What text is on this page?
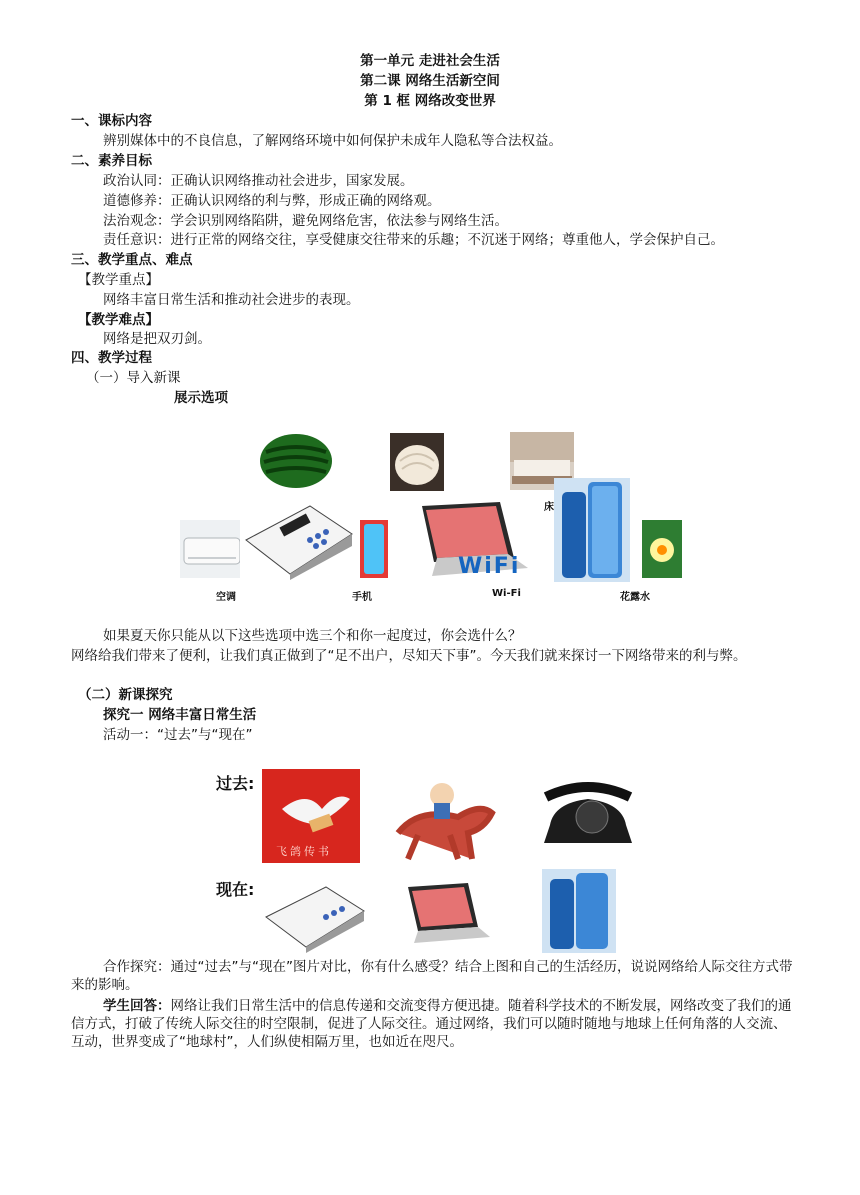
第一单元 走进社会生活
第二课 网络生活新空间
第 1 框 网络改变世界
一、课标内容
辨别媒体中的不良信息，了解网络环境中如何保护未成年人隐私等合法权益。
二、素养目标
政治认同：正确认识网络推动社会进步，国家发展。
道德修养：正确认识网络的利与弊，形成正确的网络观。
法治观念：学会识别网络陷阱，避免网络危害，依法参与网络生活。
责任意识：进行正常的网络交往，享受健康交往带来的乐趣；不沉迷于网络；尊重他人，学会保护自己。
三、教学重点、难点
【教学重点】
网络丰富日常生活和推动社会进步的表现。
【教学难点】
网络是把双刃剑。
四、教学过程
（一）导入新课
展示选项
床
WiFi
空调	手机	Wi-Fi	花露水
如果夏天你只能从以下这些选项中选三个和你一起度过，你会选什么？
网络给我们带来了便利，让我们真正做到了“足不出户，尽知天下事”。今天我们就来探讨一下网络带来的利与弊。
（二）新课探究
探究一 网络丰富日常生活
活动一：“过去”与“现在”
过去:
现在:
飞鸽传书
合作探究：通过“过去”与“现在”图片对比，你有什么感受？结合上图和自己的生活经历，说说网络给人际交往方式带来的影响。
学生回答：网络让我们日常生活中的信息传递和交流变得方便迅捷。随着科学技术的不断发展，网络改变了我们的通信方式，打破了传统人际交往的时空限制，促进了人际交往。通过网络，我们可以随时随地与地球上任何角落的人交流、互动，世界变成了“地球村”，人们纵使相隔万里，也如近在咫尺。
